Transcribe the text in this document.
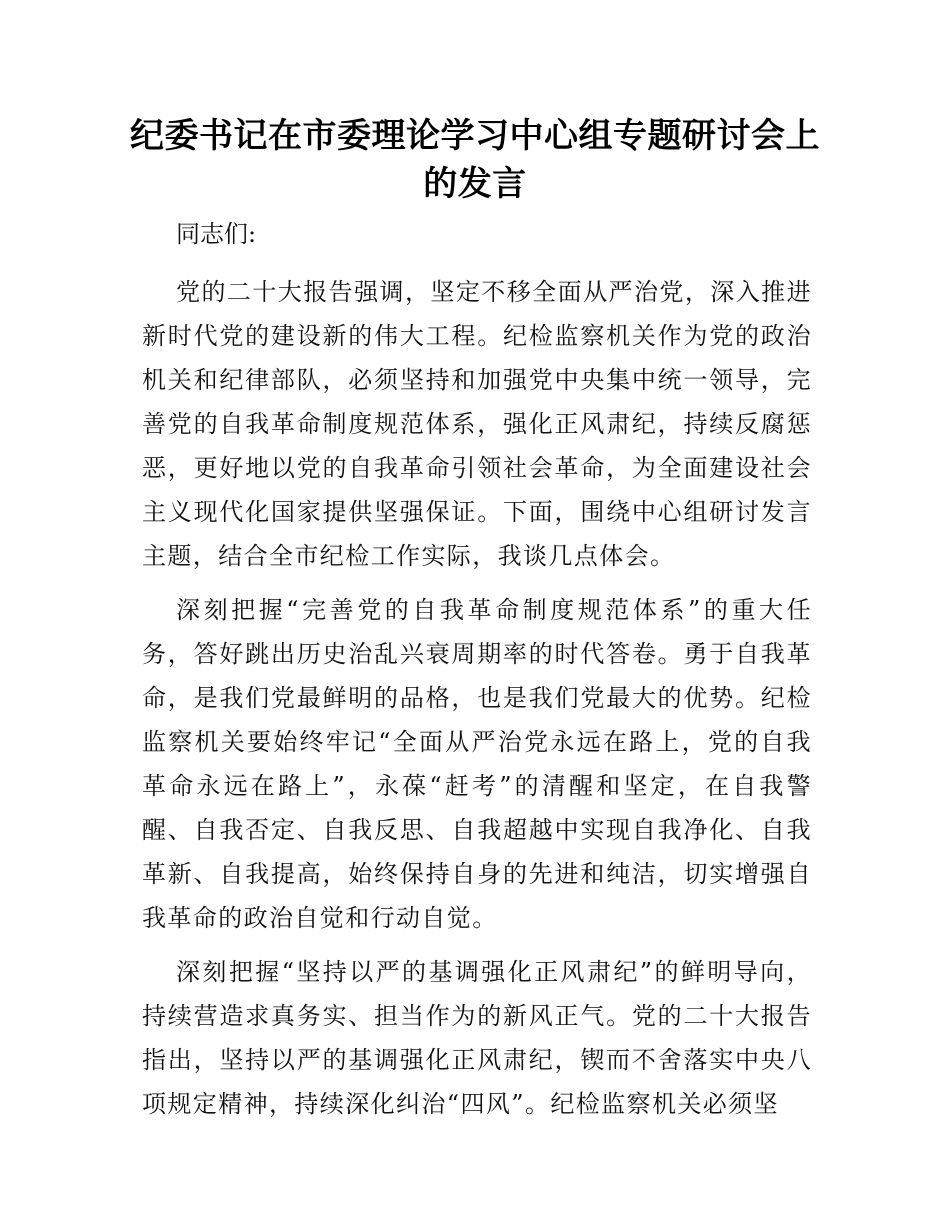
纪委书记在市委理论学习中心组专题研讨会上的发言

同志们:

党的二十大报告强调，坚定不移全面从严治党，深入推进新时代党的建设新的伟大工程。纪检监察机关作为党的政治机关和纪律部队，必须坚持和加强党中央集中统一领导，完善党的自我革命制度规范体系，强化正风肃纪，持续反腐惩恶，更好地以党的自我革命引领社会革命，为全面建设社会主义现代化国家提供坚强保证。下面，围绕中心组研讨发言主题，结合全市纪检工作实际，我谈几点体会。

深刻把握“完善党的自我革命制度规范体系”的重大任务，答好跳出历史治乱兴衰周期率的时代答卷。勇于自我革命，是我们党最鲜明的品格，也是我们党最大的优势。纪检监察机关要始终牢记“全面从严治党永远在路上，党的自我革命永远在路上”，永葆“赶考”的清醒和坚定，在自我警醒、自我否定、自我反思、自我超越中实现自我净化、自我革新、自我提高，始终保持自身的先进和纯洁，切实增强自我革命的政治自觉和行动自觉。

深刻把握“坚持以严的基调强化正风肃纪”的鲜明导向，持续营造求真务实、担当作为的新风正气。党的二十大报告指出，坚持以严的基调强化正风肃纪，锲而不舍落实中央八项规定精神，持续深化纠治“四风”。纪检监察机关必须坚
